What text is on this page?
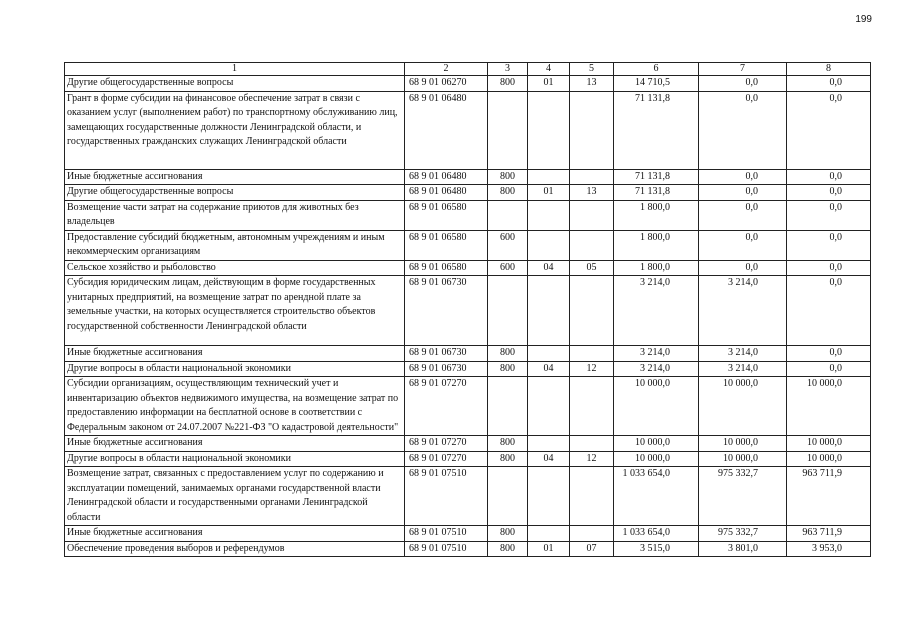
199
1	2	3	4	5	6	7	8
Другие общегосударственные вопросы	68 9 01 06270	800	01	13	14 710,5	0,0	0,0
Грант в форме субсидии на финансовое обеспечение затрат в связи с оказанием услуг (выполнением работ) по транспортному обслуживанию лиц, замещающих государственные должности Ленинградской области, и государственных гражданских служащих Ленинградской области	68 9 01 06480				71 131,8	0,0	0,0
Иные бюджетные ассигнования	68 9 01 06480	800			71 131,8	0,0	0,0
Другие общегосударственные вопросы	68 9 01 06480	800	01	13	71 131,8	0,0	0,0
Возмещение части затрат на содержание приютов для животных без владельцев	68 9 01 06580				1 800,0	0,0	0,0
Предоставление субсидий бюджетным, автономным учреждениям и иным некоммерческим организациям	68 9 01 06580	600			1 800,0	0,0	0,0
Сельское хозяйство и рыболовство	68 9 01 06580	600	04	05	1 800,0	0,0	0,0
Субсидия юридическим лицам, действующим в форме государственных унитарных предприятий, на возмещение затрат по арендной плате за земельные участки, на которых осуществляется строительство объектов государственной собственности Ленинградской области	68 9 01 06730				3 214,0	3 214,0	0,0
Иные бюджетные ассигнования	68 9 01 06730	800			3 214,0	3 214,0	0,0
Другие вопросы в области национальной экономики	68 9 01 06730	800	04	12	3 214,0	3 214,0	0,0
Субсидии организациям, осуществляющим технический учет и инвентаризацию объектов недвижимого имущества, на возмещение затрат по предоставлению информации на бесплатной основе в соответствии с Федеральным законом от 24.07.2007 №221-ФЗ "О кадастровой деятельности"	68 9 01 07270				10 000,0	10 000,0	10 000,0
Иные бюджетные ассигнования	68 9 01 07270	800			10 000,0	10 000,0	10 000,0
Другие вопросы в области национальной экономики	68 9 01 07270	800	04	12	10 000,0	10 000,0	10 000,0
Возмещение затрат, связанных с предоставлением услуг по содержанию и эксплуатации помещений, занимаемых органами государственной власти Ленинградской области и государственными органами Ленинградской области	68 9 01 07510				1 033 654,0	975 332,7	963 711,9
Иные бюджетные ассигнования	68 9 01 07510	800			1 033 654,0	975 332,7	963 711,9
Обеспечение проведения выборов и референдумов	68 9 01 07510	800	01	07	3 515,0	3 801,0	3 953,0
